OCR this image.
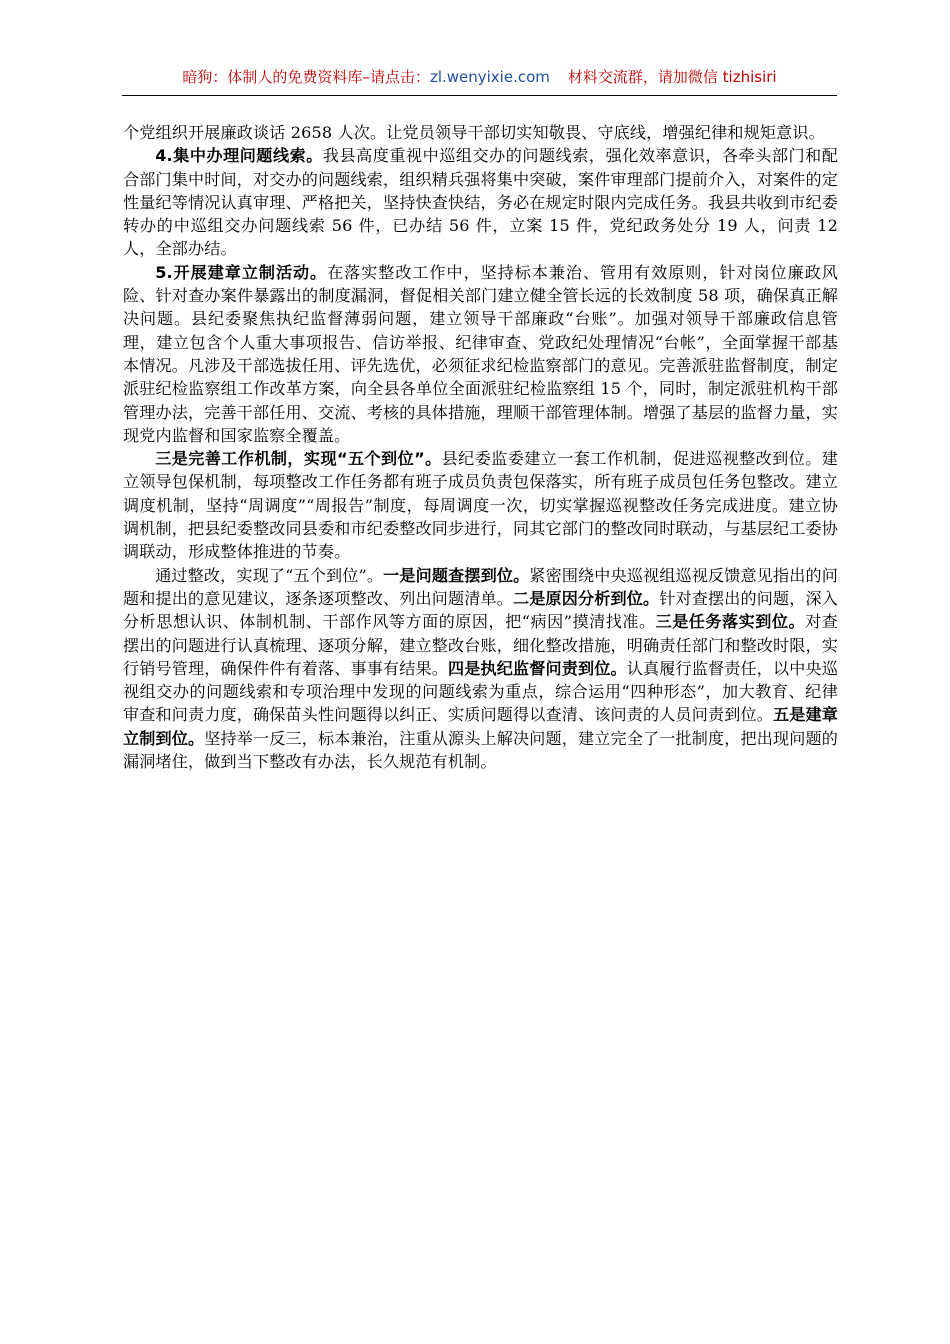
暗狗：体制人的免费资料库–请点击：zl.wenyixie.com 材料交流群，请加微信 tizhisiri

个党组织开展廉政谈话 2658 人次。让党员领导干部切实知敬畏、守底线，增强纪律和规矩意识。

4.集中办理问题线索。我县高度重视中巡组交办的问题线索，强化效率意识，各牵头部门和配合部门集中时间，对交办的问题线索，组织精兵强将集中突破，案件审理部门提前介入，对案件的定性量纪等情况认真审理、严格把关，坚持快查快结，务必在规定时限内完成任务。我县共收到市纪委转办的中巡组交办问题线索 56 件，已办结 56 件，立案 15 件，党纪政务处分 19 人，问责 12 人，全部办结。

5.开展建章立制活动。在落实整改工作中，坚持标本兼治、管用有效原则，针对岗位廉政风险、针对查办案件暴露出的制度漏洞，督促相关部门建立健全管长远的长效制度 58 项，确保真正解决问题。县纪委聚焦执纪监督薄弱问题，建立领导干部廉政“台账”。加强对领导干部廉政信息管理，建立包含个人重大事项报告、信访举报、纪律审查、党政纪处理情况“台帐”，全面掌握干部基本情况。凡涉及干部选拔任用、评先选优，必须征求纪检监察部门的意见。完善派驻监督制度，制定派驻纪检监察组工作改革方案，向全县各单位全面派驻纪检监察组 15 个，同时，制定派驻机构干部管理办法，完善干部任用、交流、考核的具体措施，理顺干部管理体制。增强了基层的监督力量，实现党内监督和国家监察全覆盖。

三是完善工作机制，实现“五个到位”。县纪委监委建立一套工作机制，促进巡视整改到位。建立领导包保机制，每项整改工作任务都有班子成员负责包保落实，所有班子成员包任务包整改。建立调度机制，坚持“周调度”“周报告”制度，每周调度一次，切实掌握巡视整改任务完成进度。建立协调机制，把县纪委整改同县委和市纪委整改同步进行，同其它部门的整改同时联动，与基层纪工委协调联动，形成整体推进的节奏。

通过整改，实现了“五个到位”。一是问题查摆到位。紧密围绕中央巡视组巡视反馈意见指出的问题和提出的意见建议，逐条逐项整改、列出问题清单。二是原因分析到位。针对查摆出的问题，深入分析思想认识、体制机制、干部作风等方面的原因，把“病因”摸清找准。三是任务落实到位。对查摆出的问题进行认真梳理、逐项分解，建立整改台账，细化整改措施，明确责任部门和整改时限，实行销号管理，确保件件有着落、事事有结果。四是执纪监督问责到位。认真履行监督责任，以中央巡视组交办的问题线索和专项治理中发现的问题线索为重点，综合运用“四种形态”，加大教育、纪律审查和问责力度，确保苗头性问题得以纠正、实质问题得以查清、该问责的人员问责到位。五是建章立制到位。坚持举一反三，标本兼治，注重从源头上解决问题，建立完全了一批制度，把出现问题的漏洞堵住，做到当下整改有办法，长久规范有机制。
